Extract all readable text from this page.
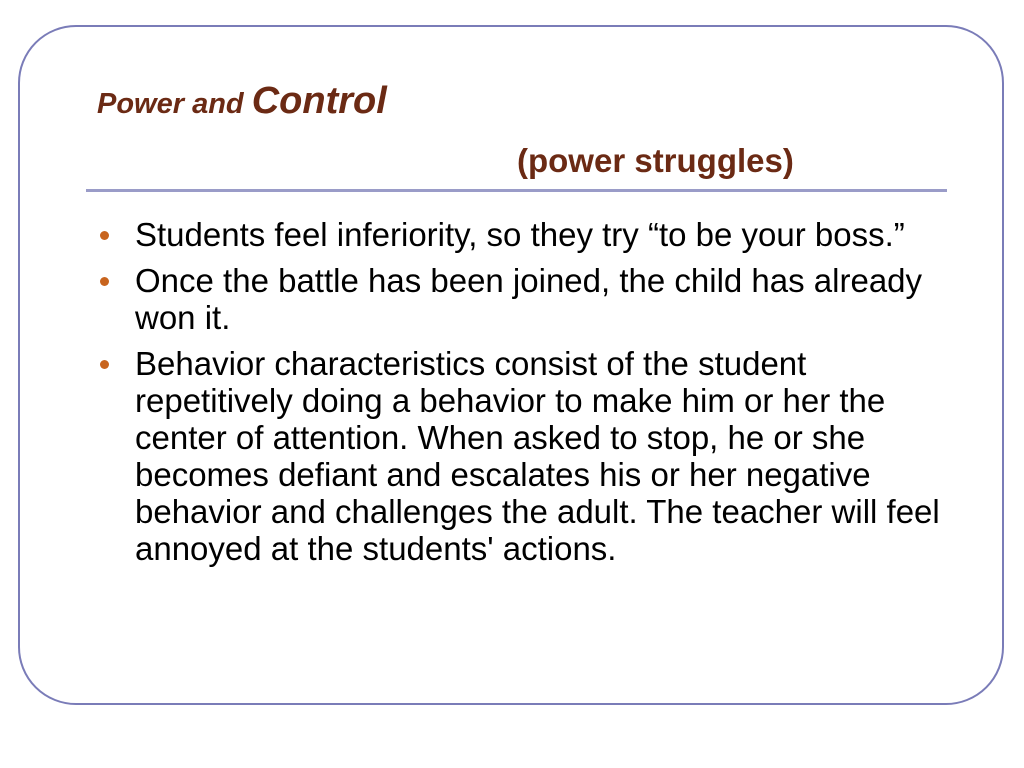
Power and Control
(power struggles)
Students feel inferiority, so they try “to be your boss.”
Once the battle has been joined, the child has already won it.
Behavior characteristics consist of the student repetitively doing a behavior to make him or her the center of attention. When asked to stop, he or she becomes defiant and escalates his or her negative behavior and challenges the adult. The teacher will feel annoyed at the students' actions.
